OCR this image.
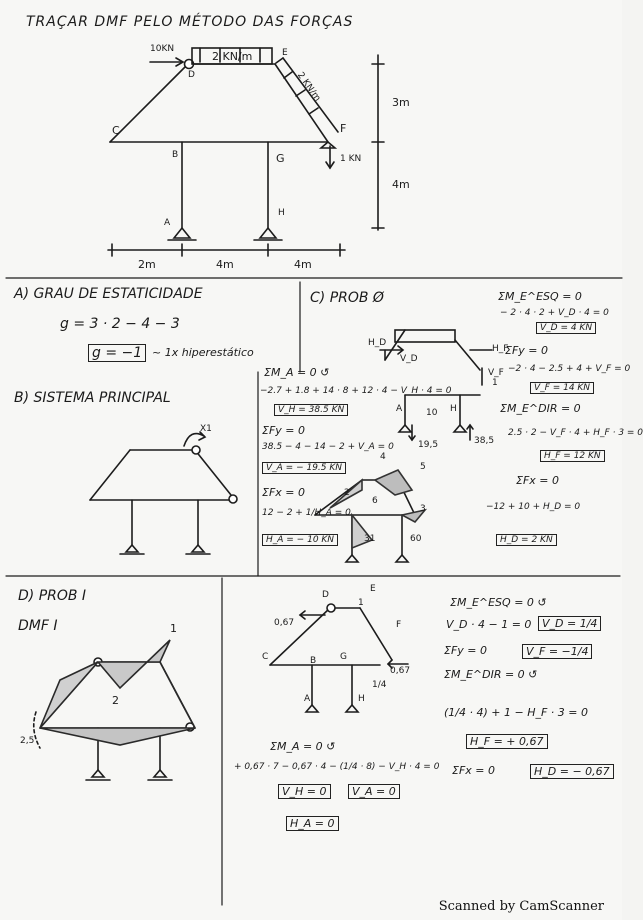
TRAÇAR DMF PELO MÉTODO DAS FORÇAS
10KN
2 KN/m
2 KN/m
D
E
C	F
B	G
A
H
1 KN
3m
4m
2m	4m	4m
A) GRAU DE ESTATICIDADE
g = 3 · 2 − 4 − 3
g = −1 ~ 1x hiperestático
B) SISTEMA PRINCIPAL
X1
C) PROB Ø	ΣM_E^ESQ = 0
− 2 · 4 · 2 + V_D · 4 = 0
V_D = 4 KN
ΣFy = 0
−2 · 4 − 2.5 + 4 + V_F = 0
V_F = 14 KN
ΣM_E^DIR = 0
2.5 · 2 − V_F · 4 + H_F · 3 = 0
H_F = 12 KN
ΣFx = 0
−12 + 10 + H_D = 0
H_D = 2 KN
ΣM_A = 0 ↺
−2.7 + 1.8 + 14 · 8 + 12 · 4 − V_H · 4 = 0
V_H = 38.5 KN
ΣFy = 0
38.5 − 4 − 14 − 2 + V_A = 0
V_A = − 19.5 KN
ΣFx = 0
12 − 2 + 1/H_A = 0
H_A = − 10 KN
H_D
V_D
H_F
V_F
10
A	H
19,5	38,5
1
2
3
4
5
6
31	60
D) PROB I
DMF I	1
2
2,5
D
E
F
C	B	G
A	H
0,67
0,67
1/4
1	ΣM_E^ESQ = 0 ↺
V_D · 4 − 1 = 0 V_D = 1/4
ΣFy = 0	V_F = −1/4
ΣM_E^DIR = 0 ↺
(1/4 · 4) + 1 − H_F · 3 = 0
H_F = + 0,67
ΣFx = 0	H_D = − 0,67
ΣM_A = 0 ↺
+ 0,67 · 7 − 0,67 · 4 − (1/4 · 8) − V_H · 4 = 0
V_H = 0	V_A = 0
H_A = 0
Scanned by CamScanner
